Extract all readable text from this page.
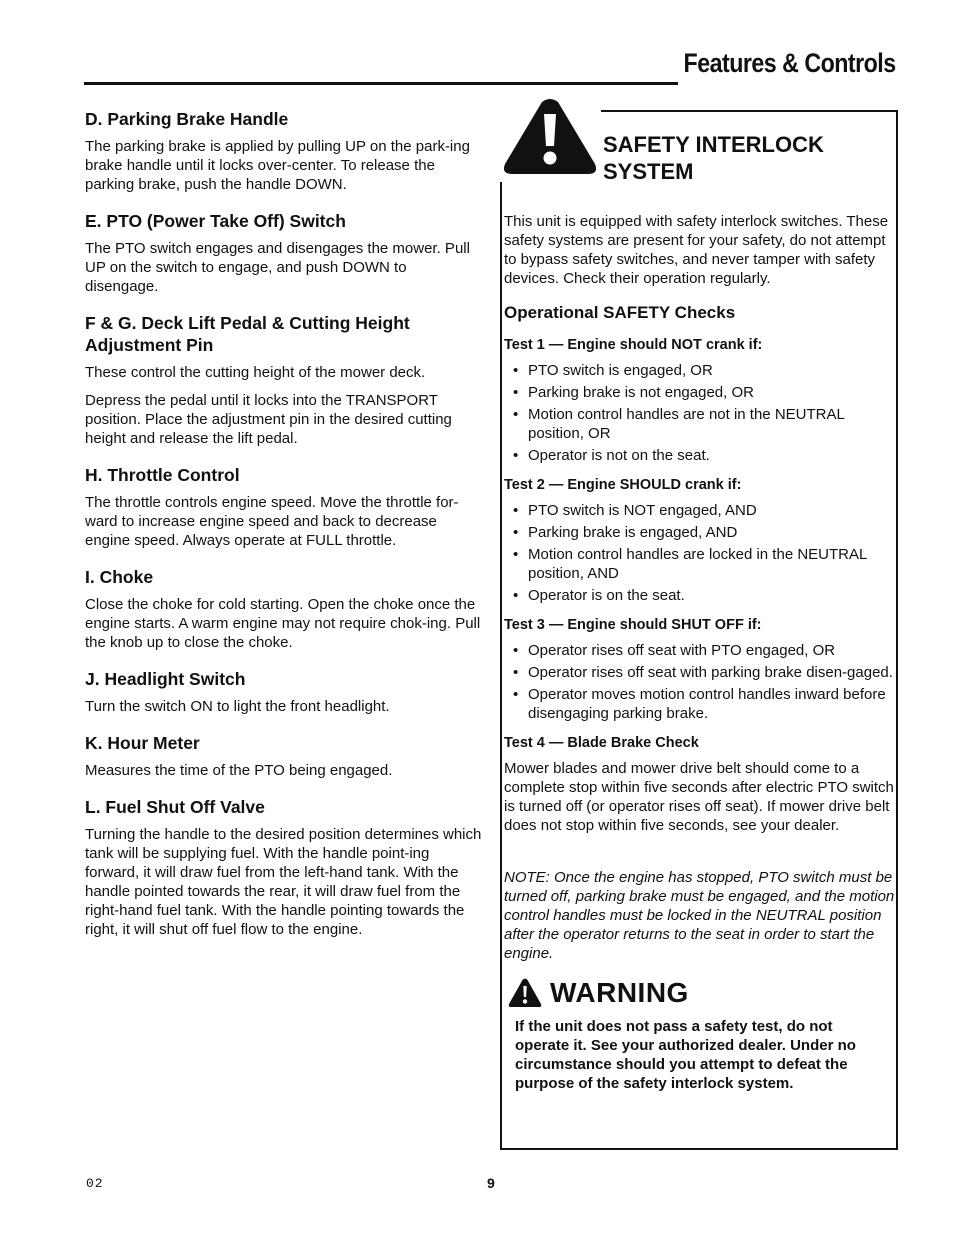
Features & Controls
D. Parking Brake Handle

The parking brake is applied by pulling UP on the park-ing brake handle until it locks over-center. To release the parking brake, push the handle DOWN.

E. PTO (Power Take Off) Switch

The PTO switch engages and disengages the mower. Pull UP on the switch to engage, and push DOWN to disengage.

F & G. Deck Lift Pedal & Cutting Height Adjustment Pin

These control the cutting height of the mower deck.

Depress the pedal until it locks into the TRANSPORT position. Place the adjustment pin in the desired cutting height and release the lift pedal.

H. Throttle Control

The throttle controls engine speed. Move the throttle for-ward to increase engine speed and back to decrease engine speed. Always operate at FULL throttle.

I. Choke

Close the choke for cold starting. Open the choke once the engine starts. A warm engine may not require chok-ing. Pull the knob up to close the choke.

J. Headlight Switch

Turn the switch ON to light the front headlight.

K. Hour Meter

Measures the time of the PTO being engaged.

L. Fuel Shut Off Valve

Turning the handle to the desired position determines which tank will be supplying fuel. With the handle point-ing forward, it will draw fuel from the left-hand tank. With the handle pointed towards the rear, it will draw fuel from the right-hand fuel tank. With the handle pointing towards the right, it will shut off fuel flow to the engine.

SAFETY INTERLOCK
SYSTEM

This unit is equipped with safety interlock switches. These safety systems are present for your safety, do not attempt to bypass safety switches, and never tamper with safety devices. Check their operation regularly.

Operational SAFETY Checks
Test 1 — Engine should NOT crank if:
• PTO switch is engaged, OR
• Parking brake is not engaged, OR
• Motion control handles are not in the NEUTRAL position, OR
• Operator is not on the seat.
Test 2 — Engine SHOULD crank if:
• PTO switch is NOT engaged, AND
• Parking brake is engaged, AND
• Motion control handles are locked in the NEUTRAL position, AND
• Operator is on the seat.
Test 3 — Engine should SHUT OFF if:
• Operator rises off seat with PTO engaged, OR
• Operator rises off seat with parking brake disen-gaged.
• Operator moves motion control handles inward before disengaging parking brake.
Test 4 — Blade Brake Check

Mower blades and mower drive belt should come to a complete stop within five seconds after electric PTO switch is turned off (or operator rises off seat). If mower drive belt does not stop within five seconds, see your dealer.

NOTE: Once the engine has stopped, PTO switch must be turned off, parking brake must be engaged, and the motion control handles must be locked in the NEUTRAL position after the operator returns to the seat in order to start the engine.

WARNING

If the unit does not pass a safety test, do not operate it. See your authorized dealer. Under no circumstance should you attempt to defeat the purpose of the safety interlock system.

02	9
